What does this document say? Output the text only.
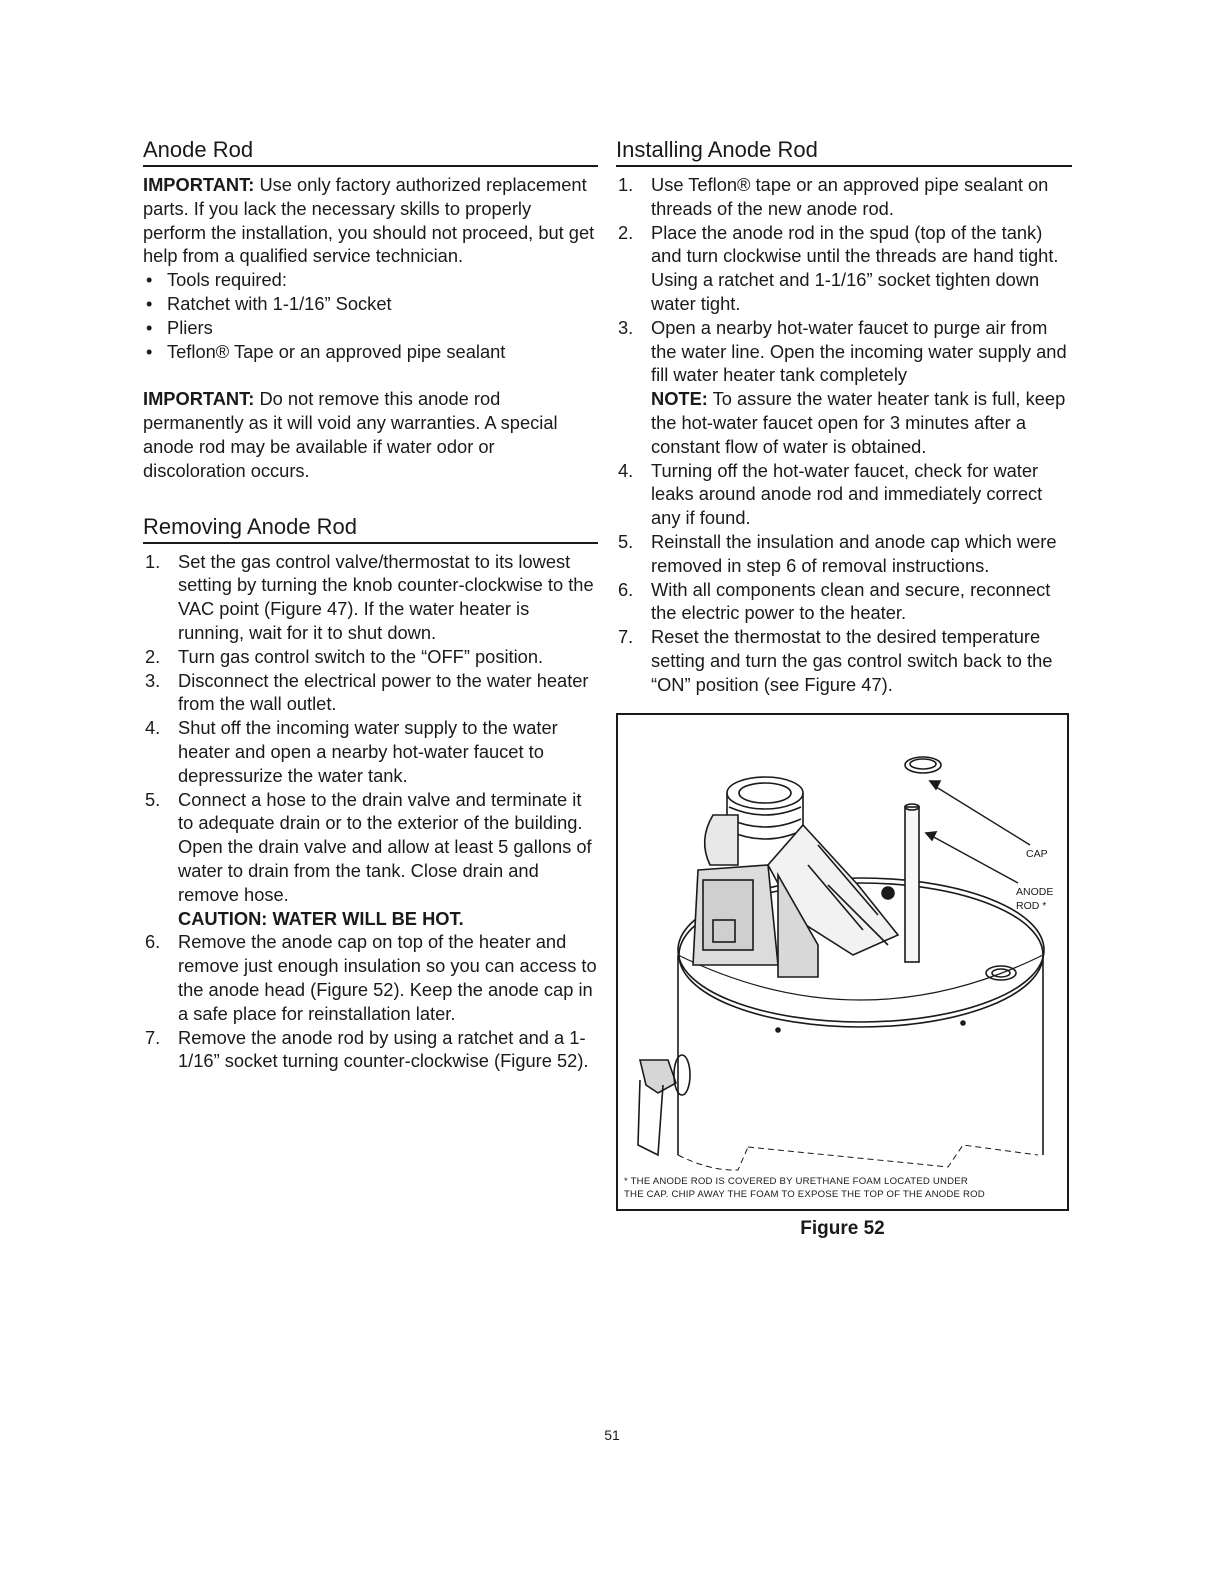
Anode Rod

IMPORTANT: Use only factory authorized replacement parts. If you lack the necessary skills to properly perform the installation, you should not proceed, but get help from a qualified service technician.

• Tools required:
• Ratchet with 1-1/16” Socket
• Pliers
• Teflon® Tape or an approved pipe sealant

IMPORTANT: Do not remove this anode rod permanently as it will void any warranties. A special anode rod may be available if water odor or discoloration occurs.

Removing Anode Rod
1. Set the gas control valve/thermostat to its lowest setting by turning the knob counter-clockwise to the VAC point (Figure 47). If the water heater is running, wait for it to shut down.
2. Turn gas control switch to the “OFF” position.
3. Disconnect the electrical power to the water heater from the wall outlet.
4. Shut off the incoming water supply to the water heater and open a nearby hot-water faucet to depressurize the water tank.
5. Connect a hose to the drain valve and terminate it to adequate drain or to the exterior of the building. Open the drain valve and allow at least 5 gallons of water to drain from the tank. Close drain and remove hose.
CAUTION: WATER WILL BE HOT.
6. Remove the anode cap on top of the heater and remove just enough insulation so you can access to the anode head (Figure 52). Keep the anode cap in a safe place for reinstallation later.
7. Remove the anode rod by using a ratchet and a 1-1/16” socket turning counter-clockwise (Figure 52).
Installing Anode Rod
1. Use Teflon® tape or an approved pipe sealant on threads of the new anode rod.
2. Place the anode rod in the spud (top of the tank) and turn clockwise until the threads are hand tight. Using a ratchet and 1-1/16” socket tighten down water tight.
3. Open a nearby hot-water faucet to purge air from the water line. Open the incoming water supply and fill water heater tank completely
NOTE: To assure the water heater tank is full, keep the hot-water faucet open for 3 minutes after a constant flow of water is obtained.
4. Turning off the hot-water faucet, check for water leaks around anode rod and immediately correct any if found.
5. Reinstall the insulation and anode cap which were removed in step 6 of removal instructions.
6. With all components clean and secure, reconnect the electric power to the heater.
7. Reset the thermostat to the desired temperature setting and turn the gas control switch back to the “ON” position (see Figure 47).
CAP
ANODE
ROD *
* THE ANODE ROD IS COVERED BY URETHANE FOAM LOCATED UNDER
THE CAP. CHIP AWAY THE FOAM TO EXPOSE THE TOP OF THE ANODE ROD
Figure 52
51
